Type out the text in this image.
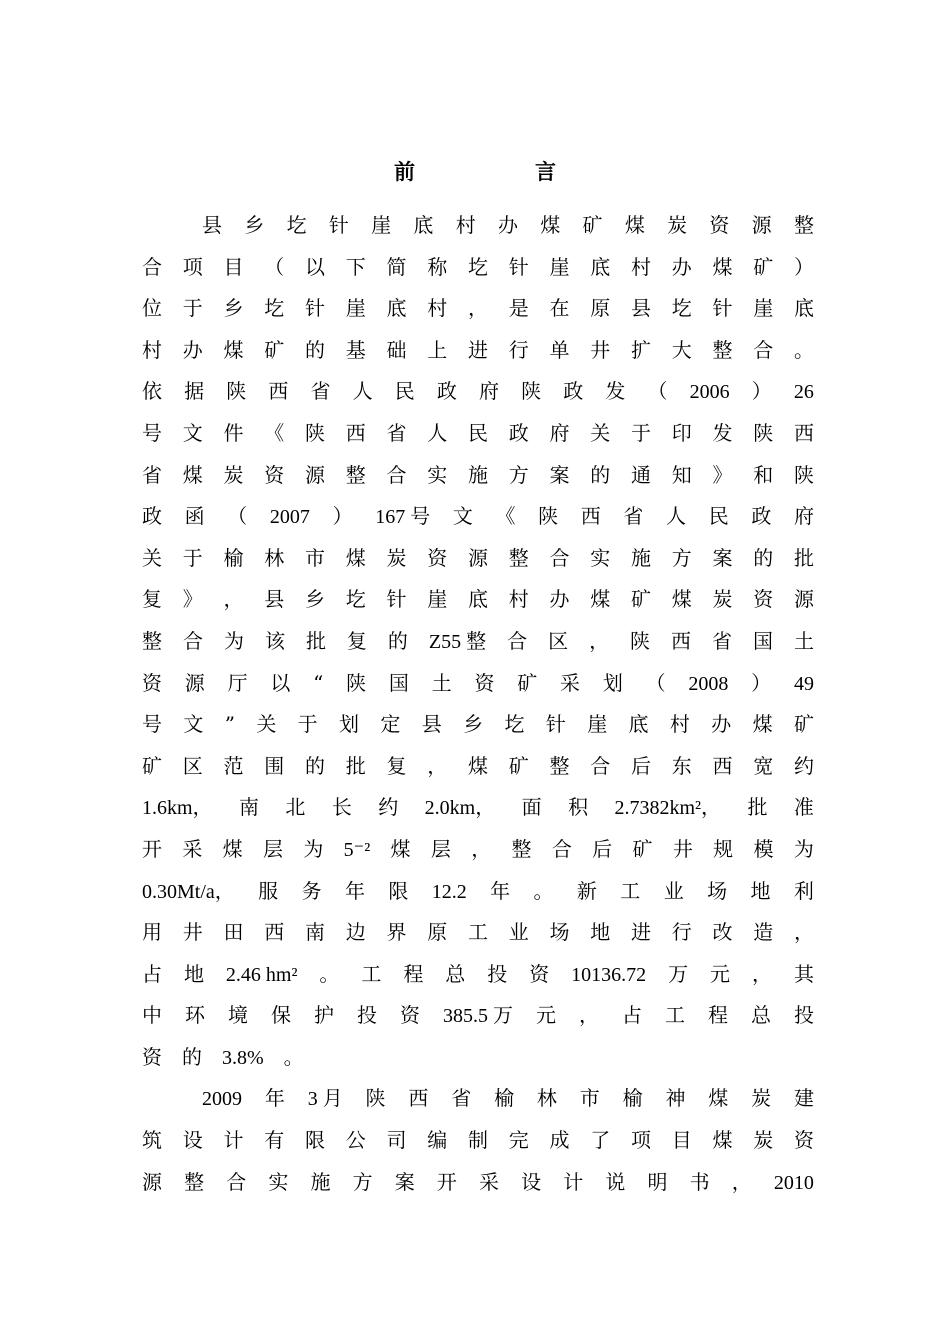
前	言
县 乡 圪 针 崖 底 村 办 煤 矿 煤 炭 资 源 整
合 项 目 （ 以 下 简 称 圪 针 崖 底 村 办 煤 矿 ）
位 于 乡 圪 针 崖 底 村 ， 是 在 原 县 圪 针 崖 底
村 办 煤 矿 的 基 础 上 进 行 单 井 扩 大 整 合 。
依 据 陕 西 省 人 民 政 府 陕 政 发 （ 2006 ） 26
号 文 件 《 陕 西 省 人 民 政 府 关 于 印 发 陕 西
省 煤 炭 资 源 整 合 实 施 方 案 的 通 知 》 和 陕
政 函 （ 2007 ） 167 号 文 《 陕 西 省 人 民 政 府
关 于 榆 林 市 煤 炭 资 源 整 合 实 施 方 案 的 批
复 》 ， 县 乡 圪 针 崖 底 村 办 煤 矿 煤 炭 资 源
整 合 为 该 批 复 的 Z55 整 合 区 ， 陕 西 省 国 土
资 源 厅 以 “ 陕 国 土 资 矿 采 划 （ 2008 ） 49
号 文 ” 关 于 划 定 县 乡 圪 针 崖 底 村 办 煤 矿
矿 区 范 围 的 批 复 ， 煤 矿 整 合 后 东 西 宽 约
1.6km， 南 北 长 约 2.0km， 面 积 2.7382km²， 批 准
开 采 煤 层 为 5⁻² 煤 层 ， 整 合 后 矿 井 规 模 为
0.30Mt/a， 服 务 年 限 12.2 年 。 新 工 业 场 地 利
用 井 田 西 南 边 界 原 工 业 场 地 进 行 改 造 ，
占 地 2.46 hm² 。 工 程 总 投 资 10136.72 万 元 ， 其
中 环 境 保 护 投 资 385.5 万 元 ， 占 工 程 总 投
资 的 3.8% 。
2009 年 3 月 陕 西 省 榆 林 市 榆 神 煤 炭 建
筑 设 计 有 限 公 司 编 制 完 成 了 项 目 煤 炭 资
源 整 合 实 施 方 案 开 采 设 计 说 明 书 ， 2010
